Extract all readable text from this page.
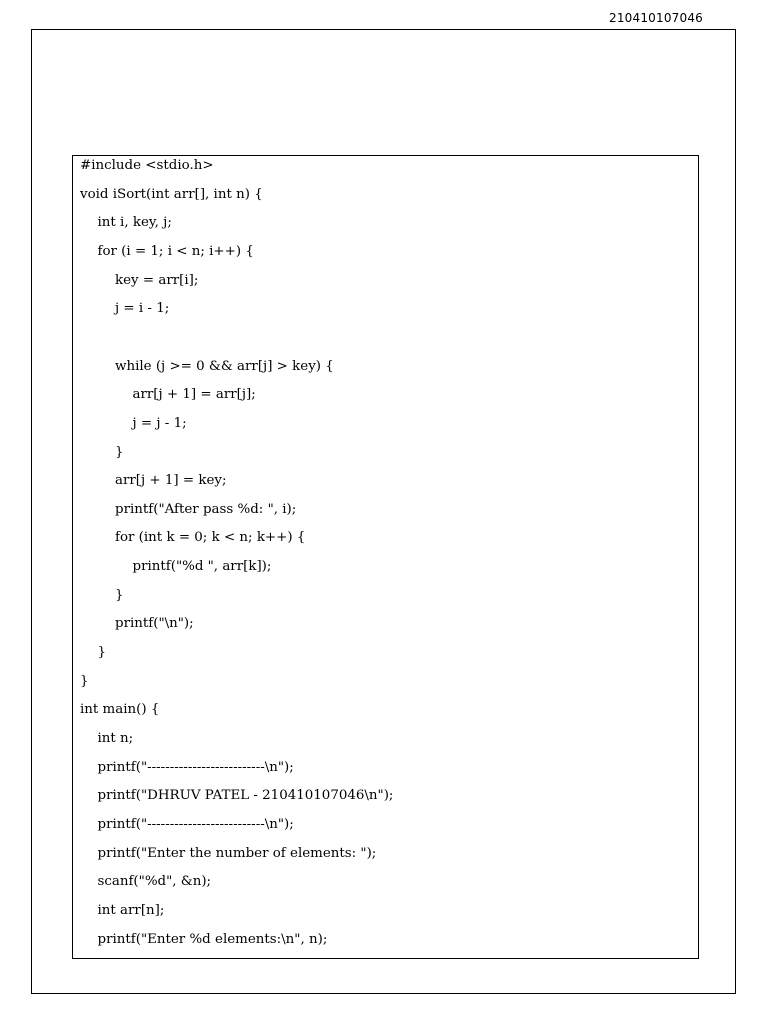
210410107046
#include <stdio.h>
void iSort(int arr[], int n) {
int i, key, j;
for (i = 1; i < n; i++) {
key = arr[i];
j = i - 1;
while (j >= 0 && arr[j] > key) {
arr[j + 1] = arr[j];
j = j - 1;
}
arr[j + 1] = key;
printf("After pass %d: ", i);
for (int k = 0; k < n; k++) {
printf("%d ", arr[k]);
}
printf("\n");
}
}
int main() {
int n;
printf("--------------------------\n");
printf("DHRUV PATEL - 210410107046\n");
printf("--------------------------\n");
printf("Enter the number of elements: ");
scanf("%d", &n);
int arr[n];
printf("Enter %d elements:\n", n);
